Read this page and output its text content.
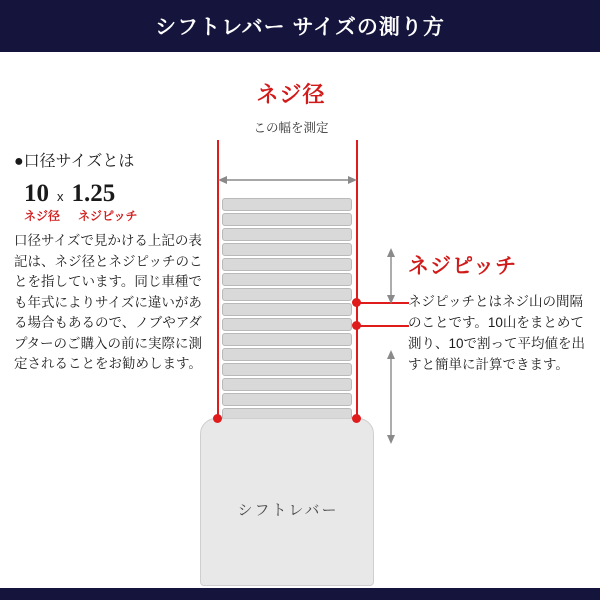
シフトレバー サイズの測り方
●口径サイズとは
10 x 1.25
ネジ径 ネジピッチ

口径サイズで見かける上記の表記は、ネジ径とネジピッチのことを指しています。同じ車種でも年式によりサイズに違いがある場合もあるので、ノブやアダプターのご購入の前に実際に測定されることをお勧めします。

ネジ径
この幅を測定
シフトレバー
ネジピッチ

ネジピッチとはネジ山の間隔のことです。10山をまとめて測り、10で割って平均値を出すと簡単に計算できます。
